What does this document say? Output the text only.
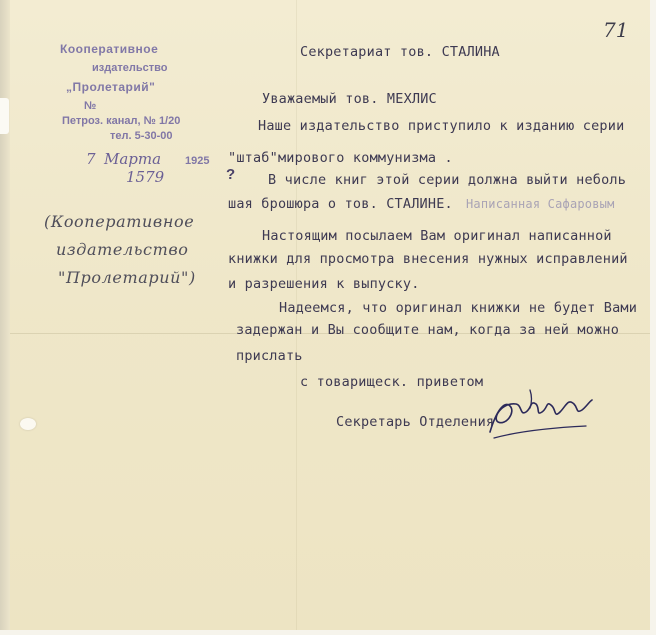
71
Кооперативное
издательство
„Пролетарий"
№
Петроз. канал, № 1/20
тел. 5-30-00
7 Марта 1925
1579
(Кооперативное
издательство
"Пролетарий")
?
Секретариат тов. СТАЛИНА
Уважаемый тов. МЕХЛИС
Наше издательство приступило к изданию серии
"штаб"мирового коммунизма .
В числе книг этой серии должна выйти неболь
шая брошюра о тов. СТАЛИНЕ. Написанная Сафаровым
Настоящим посылаем Вам оригинал написанной
книжки для просмотра внесения нужных исправлений
и разрешения к выпуску.
Надеемся, что оригинал книжки не будет Вами
задержан и Вы сообщите нам, когда за ней можно
прислать
с товарищеск. приветом
Секретарь Отделения
